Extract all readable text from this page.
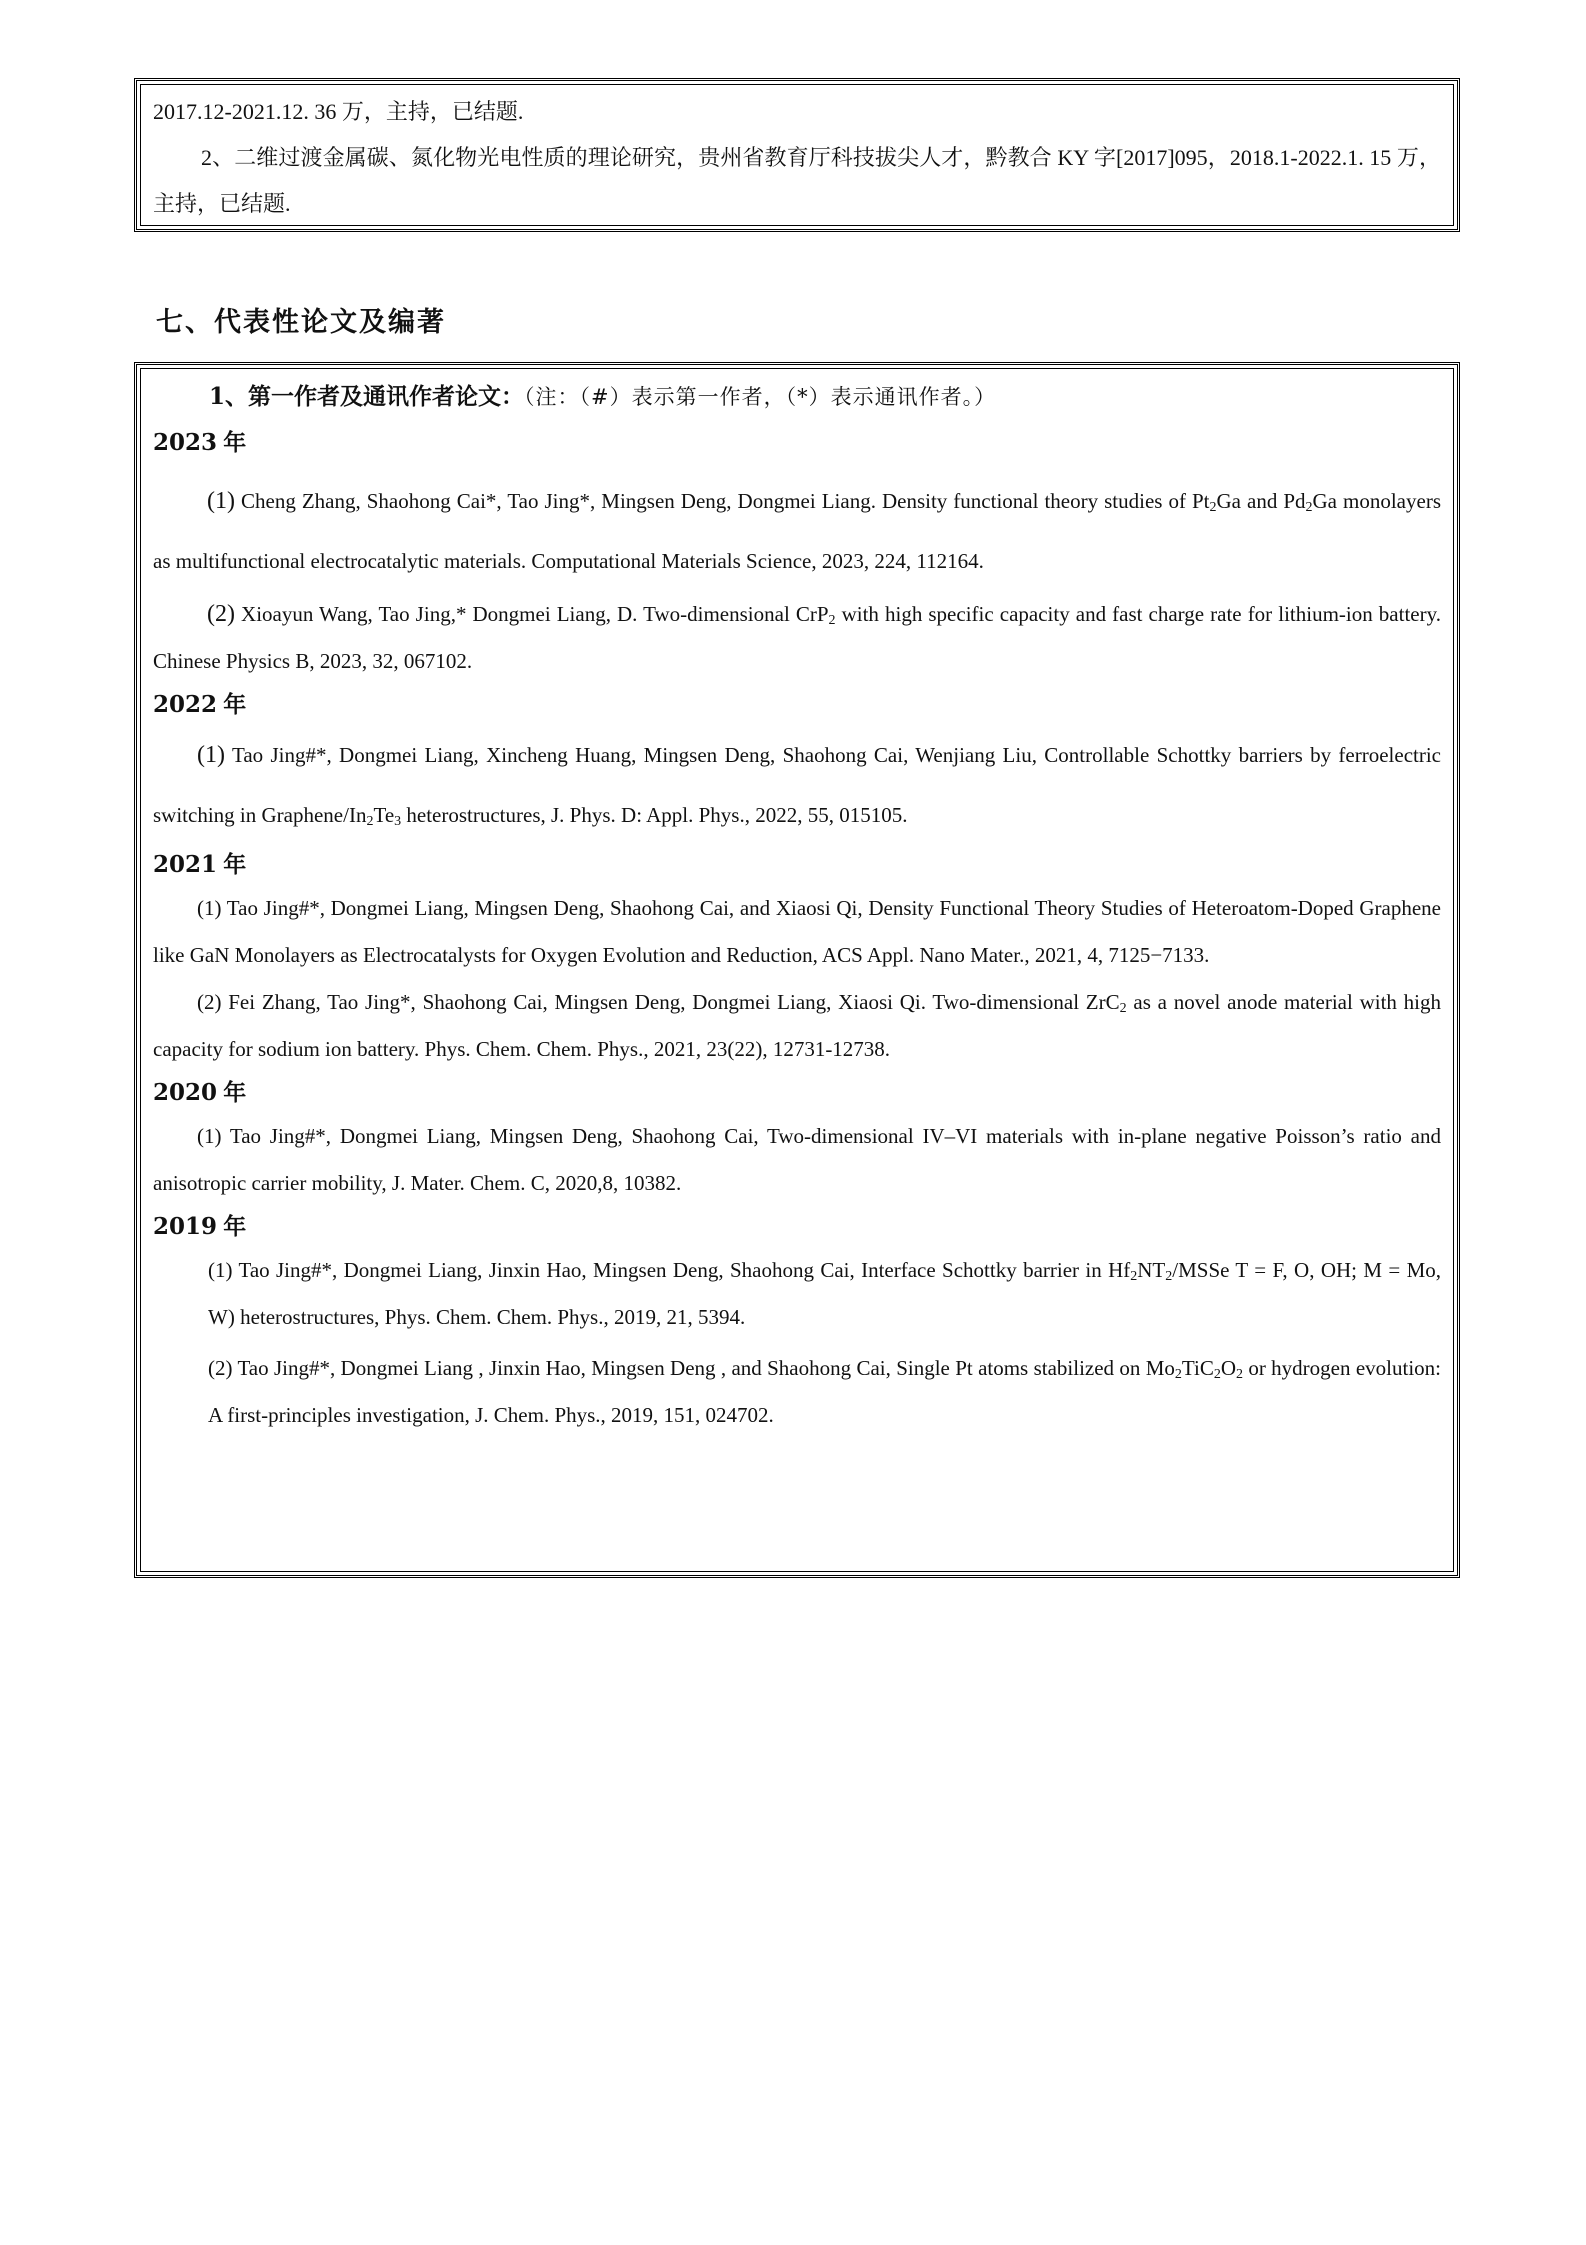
2017.12-2021.12. 36 万，主持，已结题.

2、二维过渡金属碳、氮化物光电性质的理论研究，贵州省教育厅科技拔尖人才，黔教合 KY 字[2017]095，2018.1-2022.1. 15 万，主持，已结题.

七、代表性论文及编著

1、第一作者及通讯作者论文：（注：（#）表示第一作者，（*）表示通讯作者。）

2023 年

(1) Cheng Zhang, Shaohong Cai*, Tao Jing*, Mingsen Deng, Dongmei Liang. Density functional theory studies of $Pt_2Ga$ and $Pd_2Ga$ monolayers as multifunctional electrocatalytic materials. Computational Materials Science, 2023, 224, 112164.

(2) Xioayun Wang, Tao Jing,* Dongmei Liang, D. Two-dimensional CrP$_2$ with high specific capacity and fast charge rate for lithium-ion battery. Chinese Physics B, 2023, 32, 067102.

2022 年

(1) Tao Jing#*, Dongmei Liang, Xincheng Huang, Mingsen Deng, Shaohong Cai, Wenjiang Liu, Controllable Schottky barriers by ferroelectric switching in Graphene/$In_2Te_3$ heterostructures, J. Phys. D: Appl. Phys., 2022, 55, 015105.

2021 年

(1) Tao Jing#*, Dongmei Liang, Mingsen Deng, Shaohong Cai, and Xiaosi Qi, Density Functional Theory Studies of Heteroatom-Doped Graphene like GaN Monolayers as Electrocatalysts for Oxygen Evolution and Reduction, ACS Appl. Nano Mater., 2021, 4, 7125−7133.

(2) Fei Zhang, Tao Jing*, Shaohong Cai, Mingsen Deng, Dongmei Liang, Xiaosi Qi. Two-dimensional ZrC$_2$ as a novel anode material with high capacity for sodium ion battery. Phys. Chem. Chem. Phys., 2021, 23(22), 12731-12738.

2020 年

(1) Tao Jing#*, Dongmei Liang, Mingsen Deng, Shaohong Cai, Two-dimensional IV–VI materials with in-plane negative Poisson’s ratio and anisotropic carrier mobility, J. Mater. Chem. C, 2020,8, 10382.

2019 年

(1) Tao Jing#*, Dongmei Liang, Jinxin Hao, Mingsen Deng, Shaohong Cai, Interface Schottky barrier in $Hf_2NT_2$/MSSe T = F, O, OH; M = Mo, W) heterostructures, Phys. Chem. Chem. Phys., 2019, 21, 5394.

(2) Tao Jing#*, Dongmei Liang , Jinxin Hao, Mingsen Deng , and Shaohong Cai, Single Pt atoms stabilized on $Mo_2TiC_2O_2$ or hydrogen evolution: A first-principles investigation, J. Chem. Phys., 2019, 151, 024702.
